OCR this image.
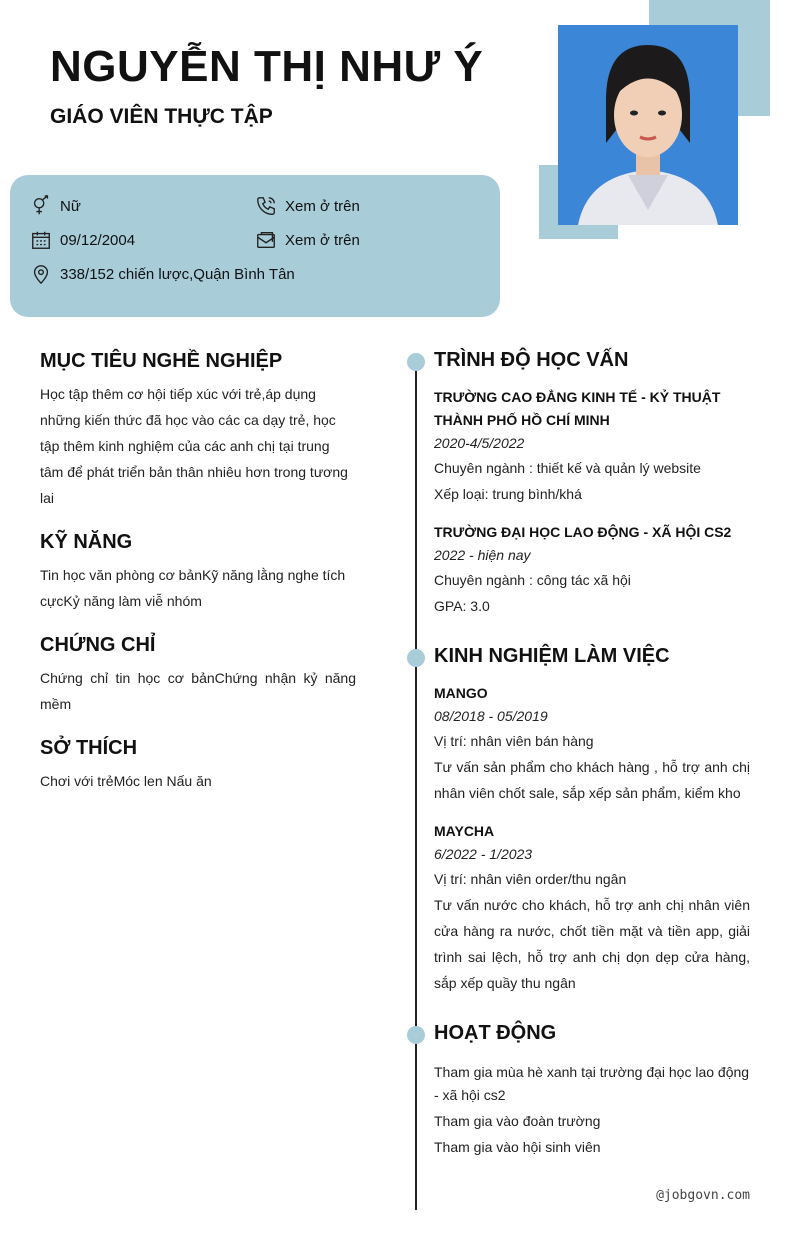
NGUYỄN THỊ NHƯ Ý
GIÁO VIÊN THỰC TẬP
Nữ
09/12/2004
338/152 chiến lược,Quận Bình Tân
Xem ở trên
Xem ở trên
MỤC TIÊU NGHỀ NGHIỆP
Học tập thêm cơ hội tiếp xúc với trẻ,áp dụng những kiến thức đã học vào các ca dạy trẻ, học tập thêm kinh nghiệm của các anh chị tại trung tâm để phát triển bản thân nhiêu hơn trong tương lai
KỸ NĂNG
Tin học văn phòng cơ bảnKỹ năng lằng nghe tích cựcKỷ năng làm viễ nhóm
CHỨNG CHỈ
Chứng chỉ tin học cơ bảnChứng nhận kỷ năng mềm
SỞ THÍCH
Chơi với trẻMóc len Nấu ăn
TRÌNH ĐỘ HỌC VẤN
TRƯỜNG CAO ĐẲNG KINH TẾ - KỶ THUẬT THÀNH PHỐ HỒ CHÍ MINH
2020-4/5/2022
Chuyên ngành : thiết kế và quản lý website
Xếp loại: trung bình/khá
TRƯỜNG ĐẠI HỌC LAO ĐỘNG - XÃ HỘI CS2
2022 - hiện nay
Chuyên ngành : công tác xã hội
GPA: 3.0
KINH NGHIỆM LÀM VIỆC
MANGO
08/2018 - 05/2019
Vị trí: nhân viên bán hàng
Tư vấn sản phẩm cho khách hàng , hỗ trợ anh chị nhân viên chốt sale, sắp xếp sản phẩm, kiểm kho
MAYCHA
6/2022 - 1/2023
Vị trí: nhân viên order/thu ngân
Tư vấn nước cho khách, hỗ trợ anh chị nhân viên cửa hàng ra nước, chốt tiền mặt và tiền app, giải trình sai lệch, hỗ trợ anh chị dọn dẹp cửa hàng, sắp xếp quầy thu ngân
HOẠT ĐỘNG
Tham gia mùa hè xanh tại trường đại học lao động - xã hội cs2
Tham gia vào đoàn trường
Tham gia vào hội sinh viên
@jobgovn.com
